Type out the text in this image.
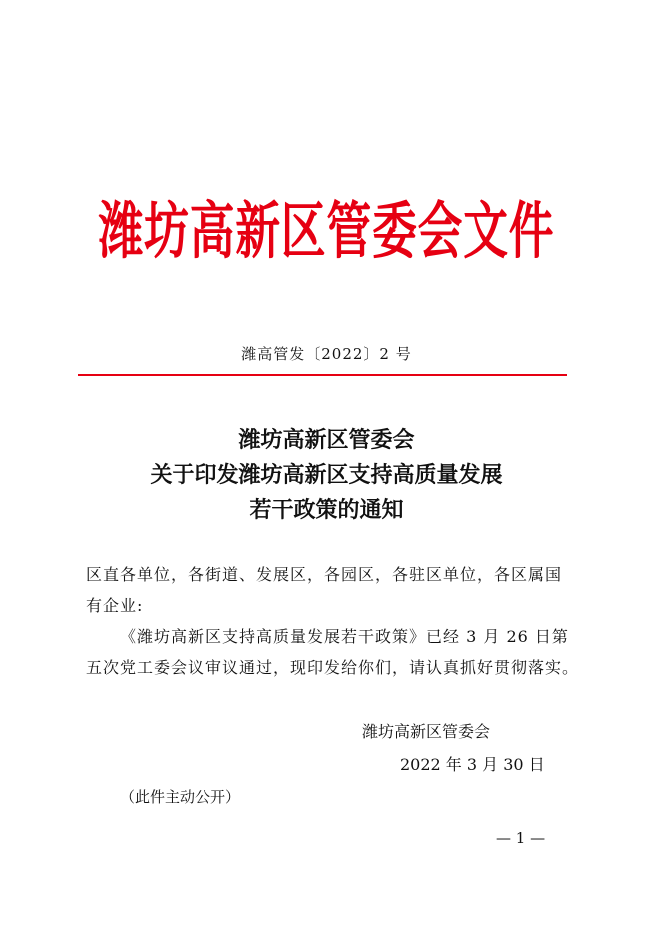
潍坊高新区管委会文件
潍高管发〔2022〕2 号
潍坊高新区管委会
关于印发潍坊高新区支持高质量发展
若干政策的通知
区直各单位，各街道、发展区，各园区，各驻区单位，各区属国
有企业:
《潍坊高新区支持高质量发展若干政策》已经 3 月 26 日第
五次党工委会议审议通过，现印发给你们，请认真抓好贯彻落实。
潍坊高新区管委会
2022 年 3 月 30 日
（此件主动公开）
— 1 —
